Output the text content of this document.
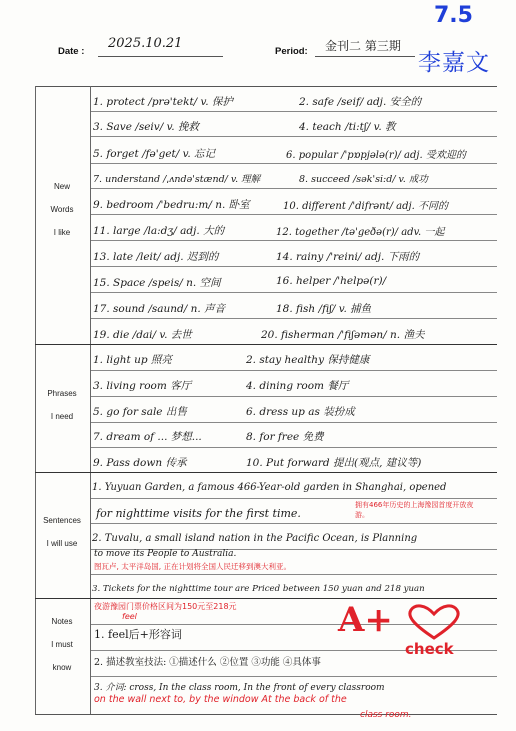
Date :
2025.10.21
Period: 金刊二 第三期
7.5
李嘉文
New
Words
I like
Phrases
I need
Sentences
I will use
Notes
I must
know
1. protect /prə'tekt/ v. 保护	2. safe /seif/ adj. 安全的
3. Save /seiv/ v. 挽救	4. teach /ti:tʃ/ v. 教
5. forget /fə'get/ v. 忘记	6. popular /'pɒpjələ(r)/ adj. 受欢迎的
7. understand /ˌʌndə'stænd/ v. 理解	8. succeed /sək'si:d/ v. 成功
9. bedroom /'bedru:m/ n. 卧室	10. different /'difrənt/ adj. 不同的
11. large /la:dʒ/ adj. 大的	12. together /tə'geðə(r)/ adv. 一起
13. late /leit/ adj. 迟到的	14. rainy /'reini/ adj. 下雨的
15. Space /speis/ n. 空间	16. helper /'helpə(r)/
17. sound /saund/ n. 声音	18. fish /fiʃ/ v. 捕鱼
19. die /dai/ v. 去世	20. fisherman /'fiʃəmən/ n. 渔夫
1. light up 照亮	2. stay healthy 保持健康
3. living room 客厅	4. dining room 餐厅
5. go for sale 出售	6. dress up as 装扮成
7. dream of ... 梦想...	8. for free 免费
9. Pass down 传承	10. Put forward 提出(观点, 建议等)
1. Yuyuan Garden, a famous 466-Year-old garden in Shanghai, opened
for nighttime visits for the first time.
拥有466年历史的上海豫园首度开放夜游。
2. Tuvalu, a small island nation in the Pacific Ocean, is Planning
to move its People to Australia.
图瓦卢, 太平洋岛国, 正在计划将全国人民迁移到澳大利亚。
3. Tickets for the nighttime tour are Priced between 150 yuan and 218 yuan
夜游豫园门票价格区间为150元至218元
feel
1. feel后+形容词
2. 描述教室技法: ①描述什么 ②位置 ③功能 ④具体事
3. 介词: cross, In the class room, In the front of every classroom
on the wall next to, by the window At the back of the
class room.
A+
check
